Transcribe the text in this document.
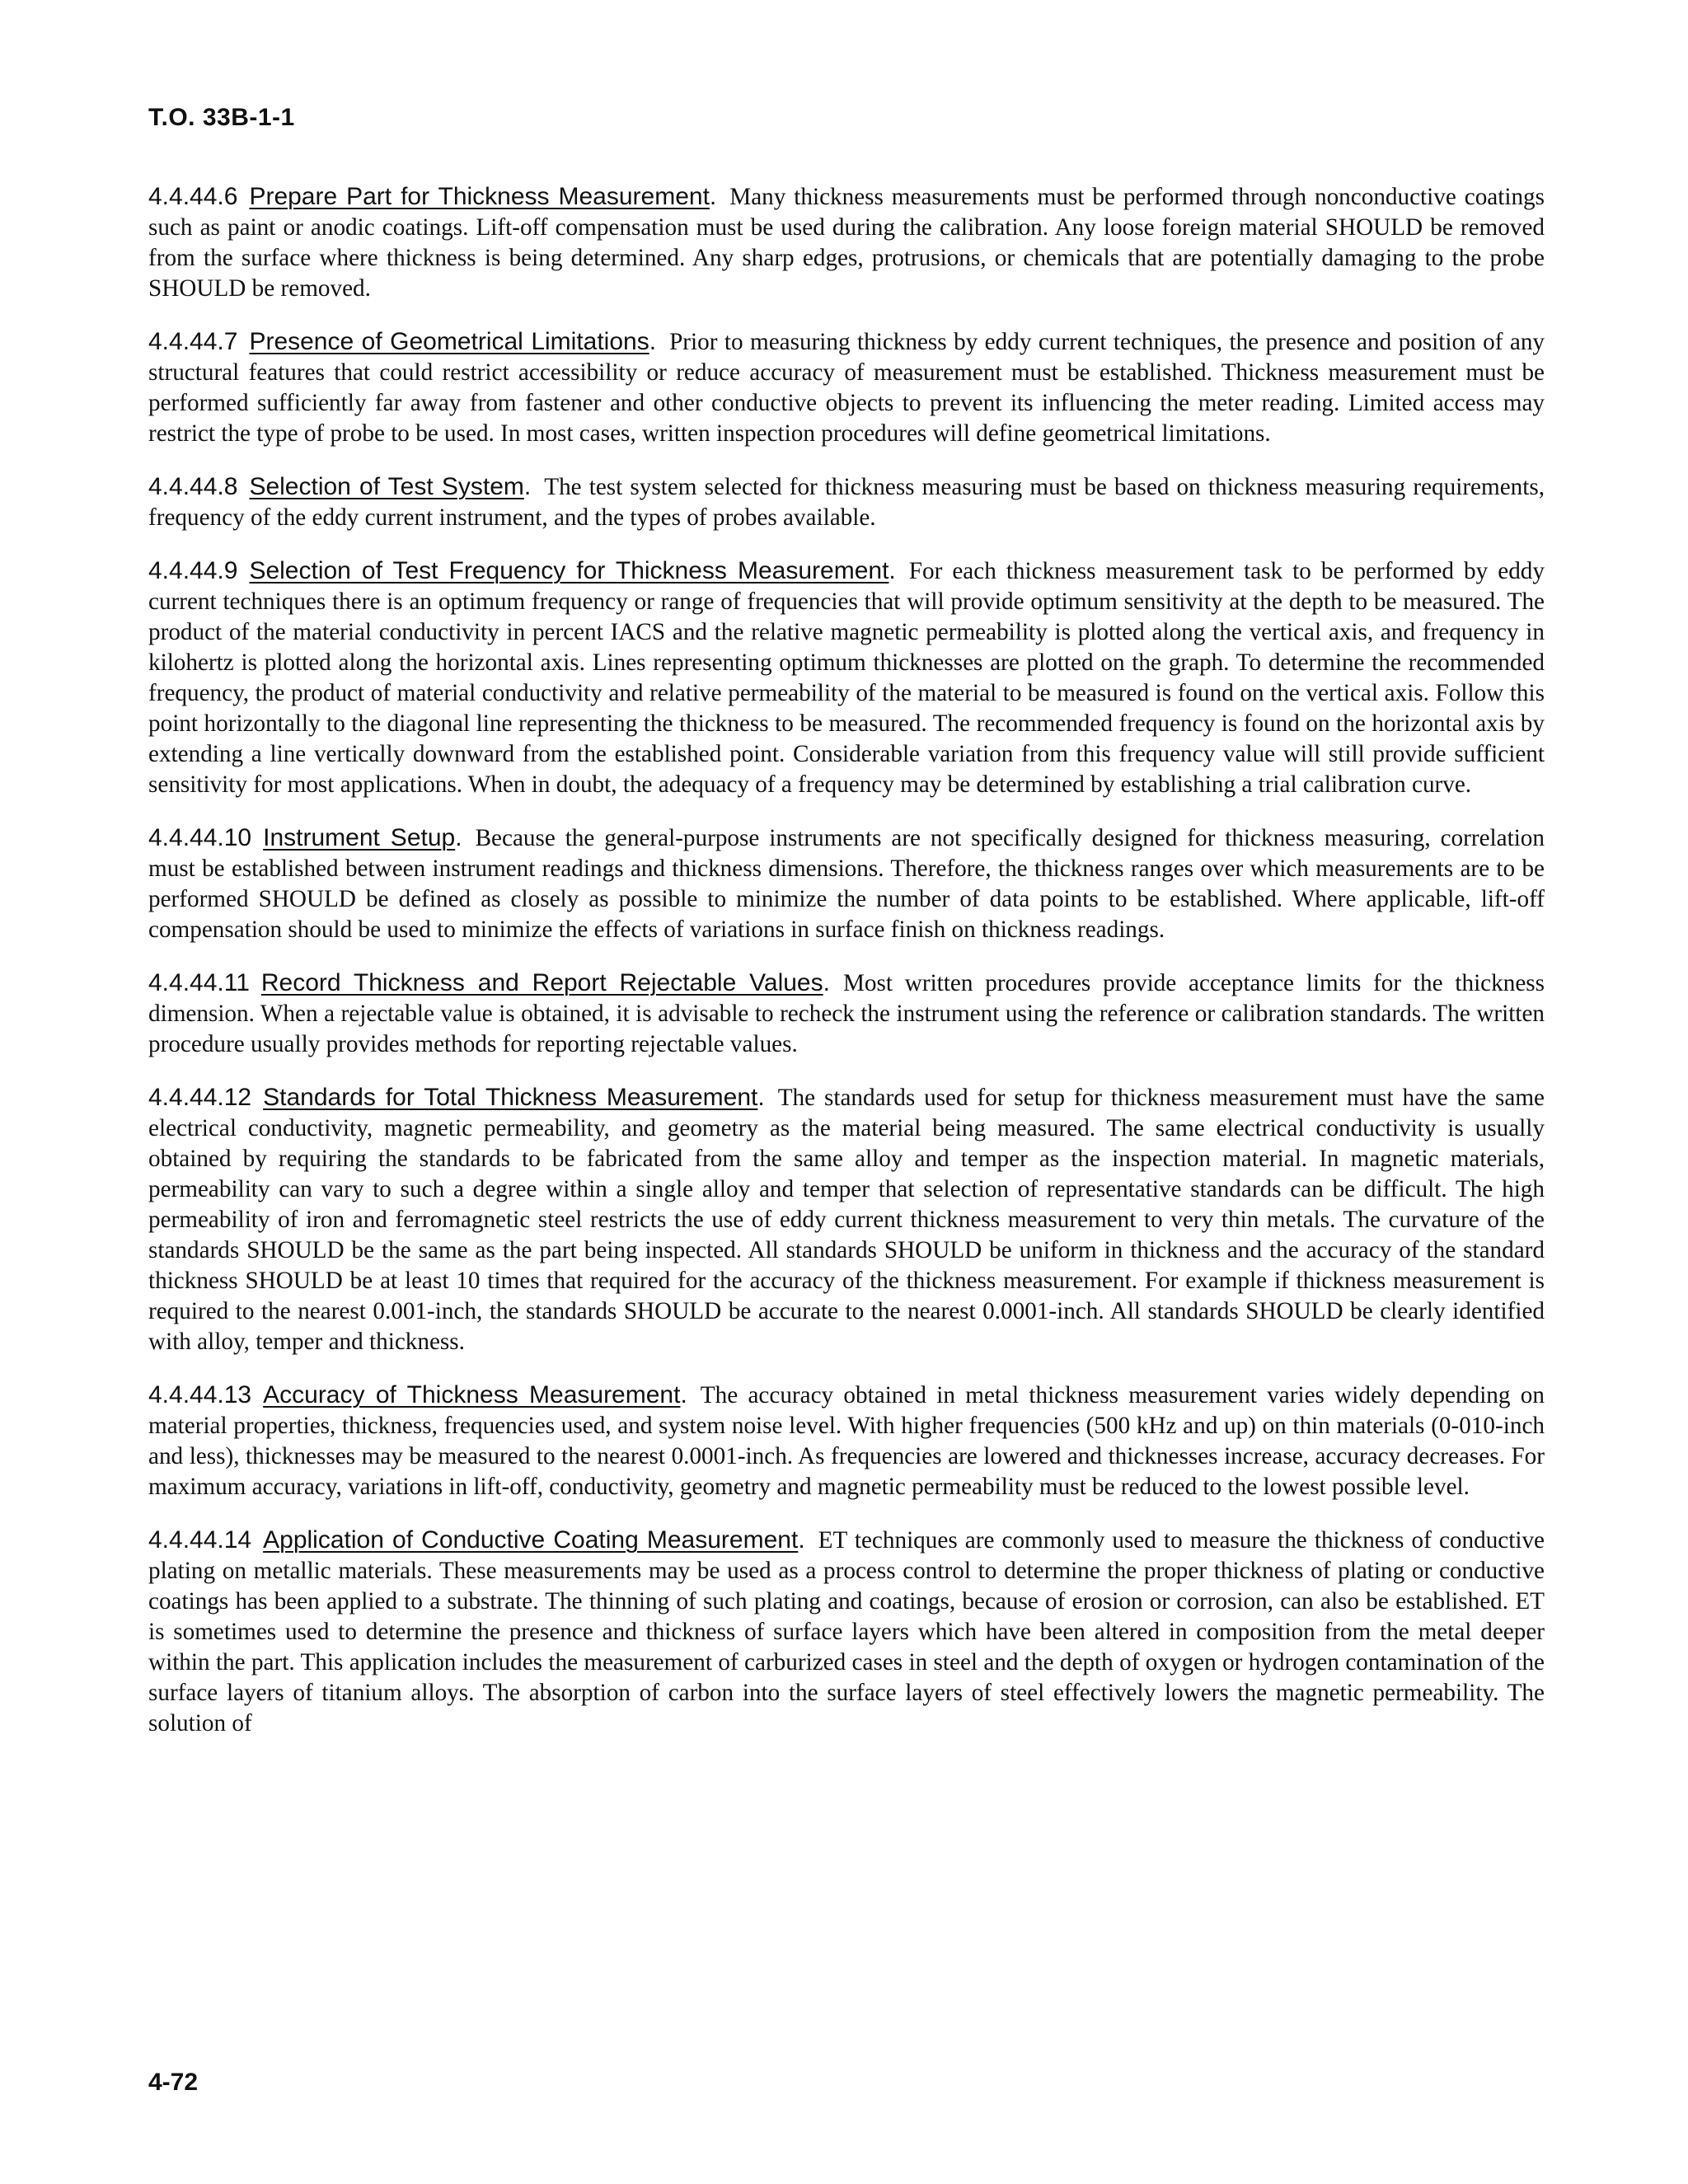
T.O. 33B-1-1

4.4.44.6 Prepare Part for Thickness Measurement. Many thickness measurements must be performed through nonconductive coatings such as paint or anodic coatings. Lift-off compensation must be used during the calibration. Any loose foreign material SHOULD be removed from the surface where thickness is being determined. Any sharp edges, protrusions, or chemicals that are potentially damaging to the probe SHOULD be removed.

4.4.44.7 Presence of Geometrical Limitations. Prior to measuring thickness by eddy current techniques, the presence and position of any structural features that could restrict accessibility or reduce accuracy of measurement must be established. Thickness measurement must be performed sufficiently far away from fastener and other conductive objects to prevent its influencing the meter reading. Limited access may restrict the type of probe to be used. In most cases, written inspection procedures will define geometrical limitations.

4.4.44.8 Selection of Test System. The test system selected for thickness measuring must be based on thickness measuring requirements, frequency of the eddy current instrument, and the types of probes available.

4.4.44.9 Selection of Test Frequency for Thickness Measurement. For each thickness measurement task to be performed by eddy current techniques there is an optimum frequency or range of frequencies that will provide optimum sensitivity at the depth to be measured. The product of the material conductivity in percent IACS and the relative magnetic permeability is plotted along the vertical axis, and frequency in kilohertz is plotted along the horizontal axis. Lines representing optimum thicknesses are plotted on the graph. To determine the recommended frequency, the product of material conductivity and relative permeability of the material to be measured is found on the vertical axis. Follow this point horizontally to the diagonal line representing the thickness to be measured. The recommended frequency is found on the horizontal axis by extending a line vertically downward from the established point. Considerable variation from this frequency value will still provide sufficient sensitivity for most applications. When in doubt, the adequacy of a frequency may be determined by establishing a trial calibration curve.

4.4.44.10 Instrument Setup. Because the general-purpose instruments are not specifically designed for thickness measuring, correlation must be established between instrument readings and thickness dimensions. Therefore, the thickness ranges over which measurements are to be performed SHOULD be defined as closely as possible to minimize the number of data points to be established. Where applicable, lift-off compensation should be used to minimize the effects of variations in surface finish on thickness readings.

4.4.44.11 Record Thickness and Report Rejectable Values. Most written procedures provide acceptance limits for the thickness dimension. When a rejectable value is obtained, it is advisable to recheck the instrument using the reference or calibration standards. The written procedure usually provides methods for reporting rejectable values.

4.4.44.12 Standards for Total Thickness Measurement. The standards used for setup for thickness measurement must have the same electrical conductivity, magnetic permeability, and geometry as the material being measured. The same electrical conductivity is usually obtained by requiring the standards to be fabricated from the same alloy and temper as the inspection material. In magnetic materials, permeability can vary to such a degree within a single alloy and temper that selection of representative standards can be difficult. The high permeability of iron and ferromagnetic steel restricts the use of eddy current thickness measurement to very thin metals. The curvature of the standards SHOULD be the same as the part being inspected. All standards SHOULD be uniform in thickness and the accuracy of the standard thickness SHOULD be at least 10 times that required for the accuracy of the thickness measurement. For example if thickness measurement is required to the nearest 0.001-inch, the standards SHOULD be accurate to the nearest 0.0001-inch. All standards SHOULD be clearly identified with alloy, temper and thickness.

4.4.44.13 Accuracy of Thickness Measurement. The accuracy obtained in metal thickness measurement varies widely depending on material properties, thickness, frequencies used, and system noise level. With higher frequencies (500 kHz and up) on thin materials (0-010-inch and less), thicknesses may be measured to the nearest 0.0001-inch. As frequencies are lowered and thicknesses increase, accuracy decreases. For maximum accuracy, variations in lift-off, conductivity, geometry and magnetic permeability must be reduced to the lowest possible level.

4.4.44.14 Application of Conductive Coating Measurement. ET techniques are commonly used to measure the thickness of conductive plating on metallic materials. These measurements may be used as a process control to determine the proper thickness of plating or conductive coatings has been applied to a substrate. The thinning of such plating and coatings, because of erosion or corrosion, can also be established. ET is sometimes used to determine the presence and thickness of surface layers which have been altered in composition from the metal deeper within the part. This application includes the measurement of carburized cases in steel and the depth of oxygen or hydrogen contamination of the surface layers of titanium alloys. The absorption of carbon into the surface layers of steel effectively lowers the magnetic permeability. The solution of

4-72
